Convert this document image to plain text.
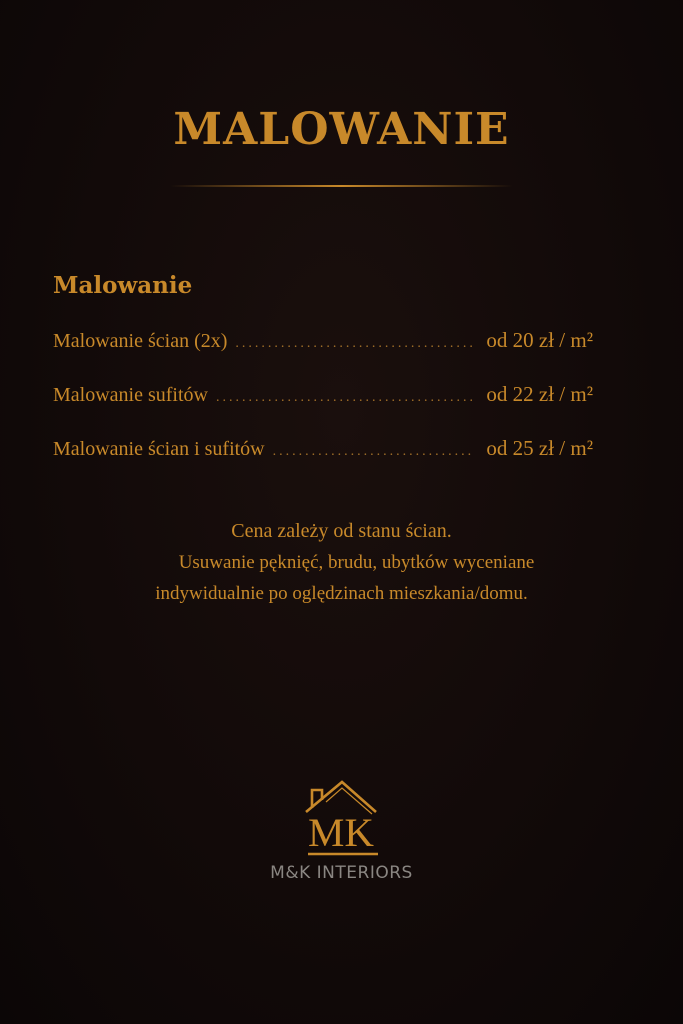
MALOWANIE
Malowanie
Malowanie ścian (2x) .....	od 20 zł / m²
Malowanie sufitów .....	od 22 zł / m²
Malowanie ścian i sufitów .....	od 25 zł / m²

Cena zależy od stanu ścian.
Usuwanie pęknięć, brudu, ubytków wyceniane
indywidualnie po oględzinach mieszkania/domu.

MK

M&K INTERIORS
